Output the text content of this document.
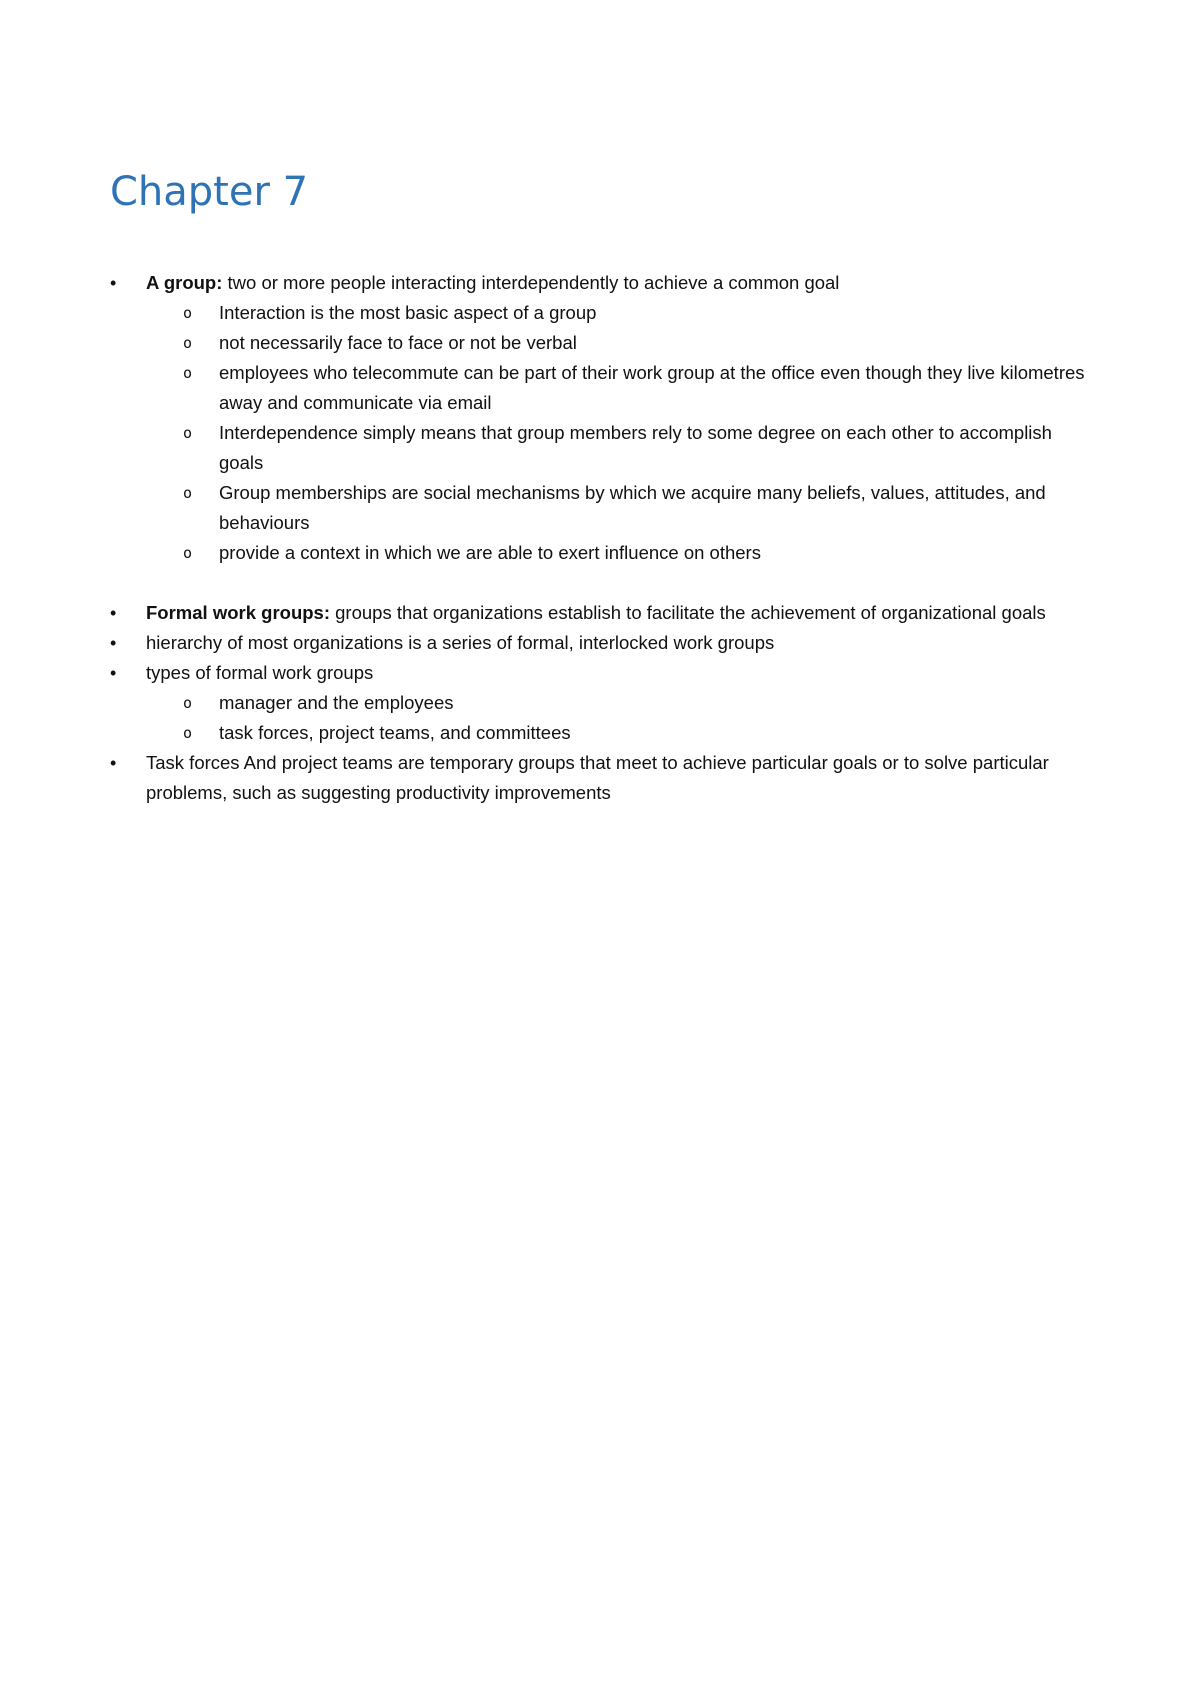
Chapter 7
• A group: two or more people interacting interdependently to achieve a common goal
o Interaction is the most basic aspect of a group
o not necessarily face to face or not be verbal
o employees who telecommute can be part of their work group at the office even though they live kilometres away and communicate via email
o Interdependence simply means that group members rely to some degree on each other to accomplish goals
o Group memberships are social mechanisms by which we acquire many beliefs, values, attitudes, and behaviours
o provide a context in which we are able to exert influence on others
• Formal work groups: groups that organizations establish to facilitate the achievement of organizational goals
• hierarchy of most organizations is a series of formal, interlocked work groups
• types of formal work groups
o manager and the employees
o task forces, project teams, and committees
• Task forces And project teams are temporary groups that meet to achieve particular goals or to solve particular problems, such as suggesting productivity improvements
